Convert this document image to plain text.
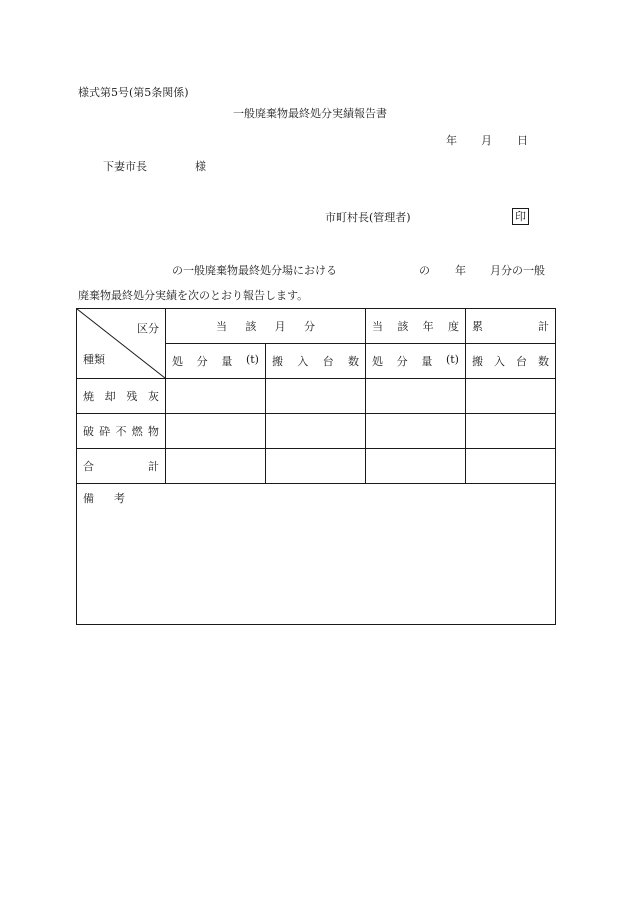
様式第5号(第5条関係)
一般廃棄物最終処分実績報告書
年 月 日
下妻市長	様
市町村長(管理者)	印
の一般廃棄物最終処分場における	の 年 月分の一般
廃棄物最終処分実績を次のとおり報告します。
区分
種類	当 該 月 分		当 該 年 度	累 計

	処 分 量 (t)	搬 入 台 数	処 分 量 (t)	搬 入 台 数

焼 却 残 灰				

破 砕 不 燃 物				

合 計				

備 考				
